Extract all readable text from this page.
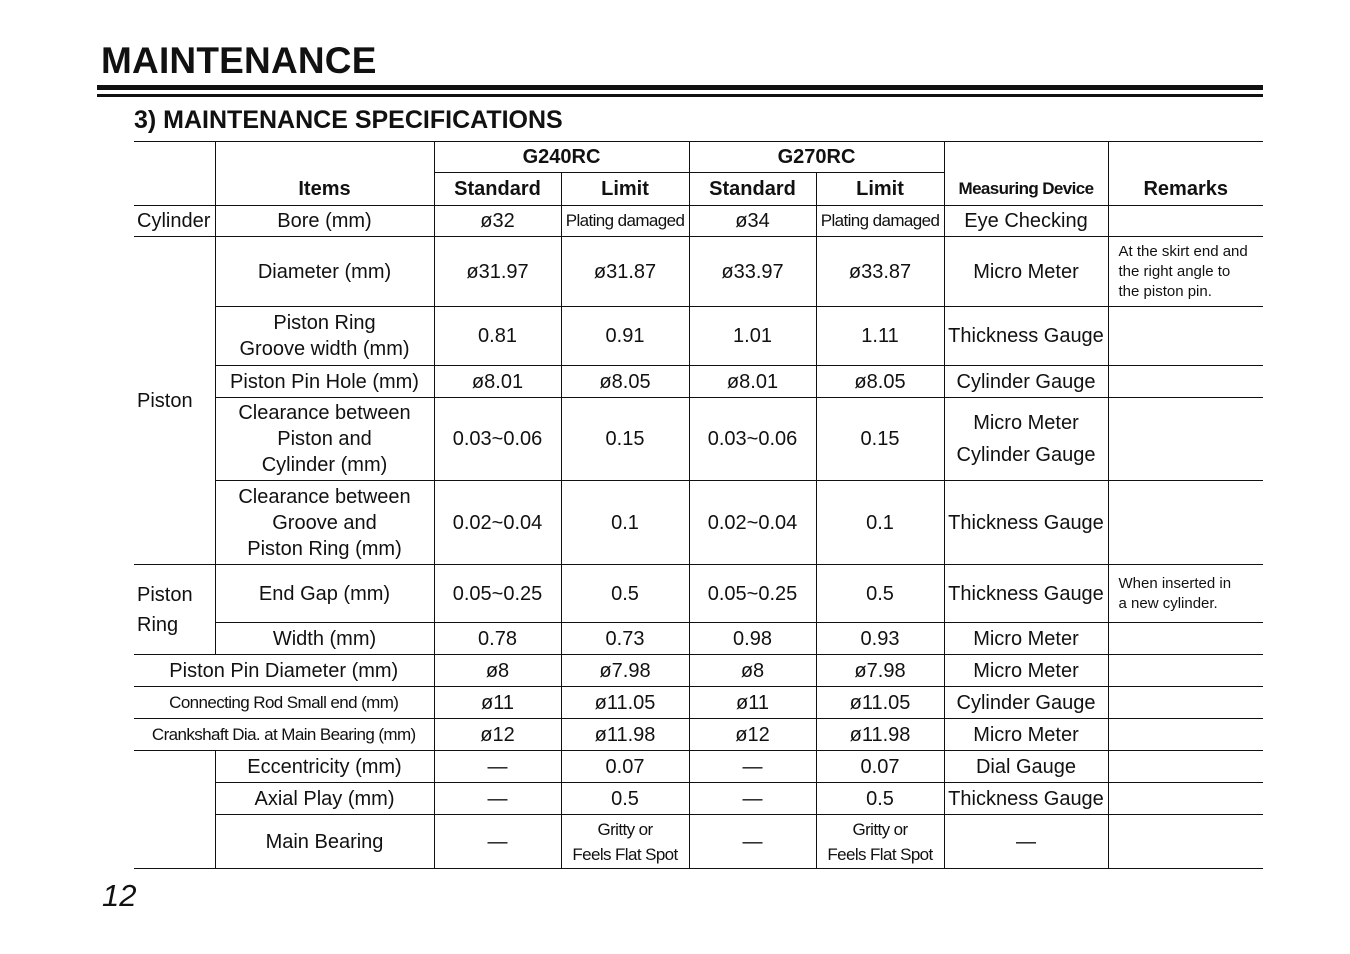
MAINTENANCE
3) MAINTENANCE SPECIFICATIONS
	Items	G240RC		G270RC		Measuring Device	Remarks
		Standard	Limit	Standard	Limit		
Cylinder	Bore (mm)	ø32	Plating damaged	ø34	Plating damaged	Eye Checking	
Piston	Diameter (mm)	ø31.97	ø31.87	ø33.97	ø33.87	Micro Meter	At the skirt end and
the right angle to
the piston pin.

	Piston Ring
Groove width (mm)	0.81	0.91	1.01	1.11	Thickness Gauge	
	Piston Pin Hole (mm)	ø8.01	ø8.05	ø8.01	ø8.05	Cylinder Gauge	

	Clearance between
Piston and
Cylinder (mm)	0.03~0.06	0.15	0.03~0.06	0.15	Micro Meter
Cylinder Gauge	

	Clearance between
Groove and
Piston Ring (mm)	0.02~0.04	0.1	0.02~0.04	0.1	Thickness Gauge	

Piston
Ring	End Gap (mm)	0.05~0.25	0.5	0.05~0.25	0.5	Thickness Gauge	When inserted in
a new cylinder.

	Width (mm)	0.78	0.73	0.98	0.93	Micro Meter	
Piston Pin Diameter (mm)		ø8	ø7.98	ø8	ø7.98	Micro Meter	
Connecting Rod Small end (mm)		ø11	ø11.05	ø11	ø11.05	Cylinder Gauge	
Crankshaft Dia. at Main Bearing (mm)		ø12	ø11.98	ø12	ø11.98	Micro Meter	
	Eccentricity (mm)	—	0.07	—	0.07	Dial Gauge	
	Axial Play (mm)	—	0.5	—	0.5	Thickness Gauge	
	Main Bearing	—	Gritty or
Feels Flat Spot	—	Gritty or
Feels Flat Spot	—	

12
